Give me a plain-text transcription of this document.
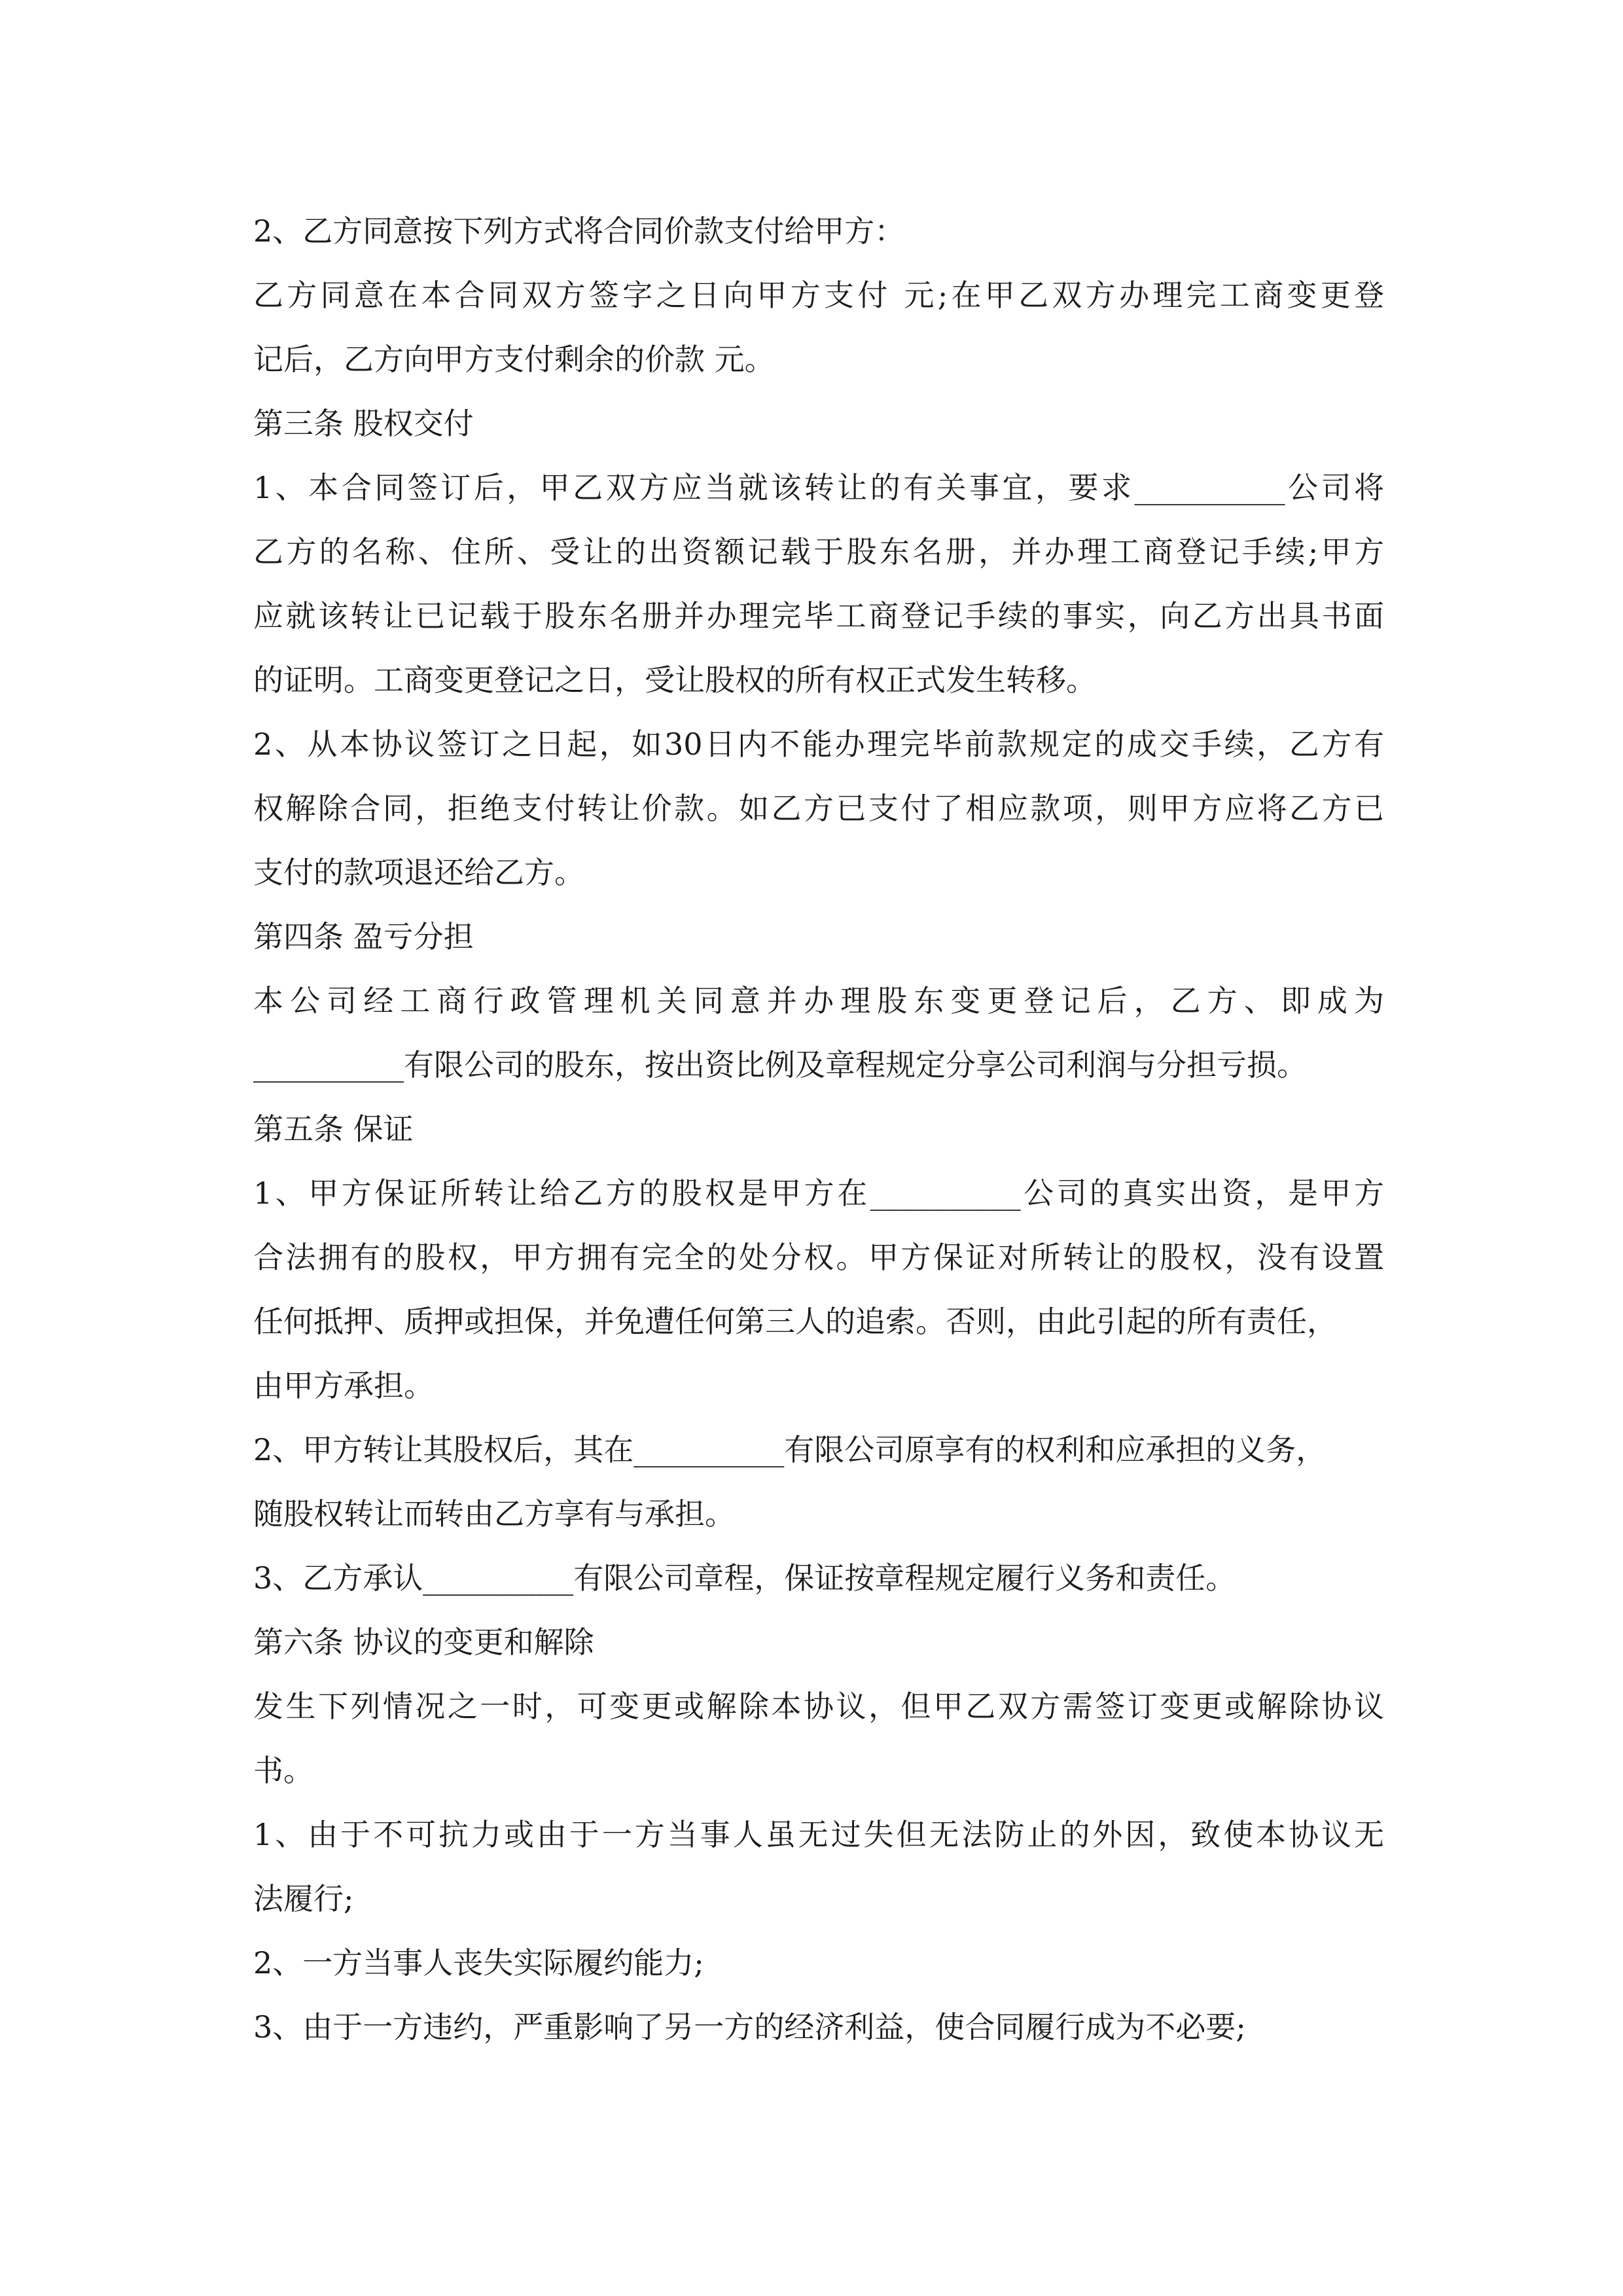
2、乙方同意按下列方式将合同价款支付给甲方：
乙方同意在本合同双方签字之日向甲方支付 元;在甲乙双方办理完工商变更登
记后，乙方向甲方支付剩余的价款 元。
第三条 股权交付
1、本合同签订后，甲乙双方应当就该转让的有关事宜，要求__________公司将
乙方的名称、住所、受让的出资额记载于股东名册，并办理工商登记手续;甲方
应就该转让已记载于股东名册并办理完毕工商登记手续的事实，向乙方出具书面
的证明。工商变更登记之日，受让股权的所有权正式发生转移。
2、从本协议签订之日起，如30日内不能办理完毕前款规定的成交手续，乙方有
权解除合同，拒绝支付转让价款。如乙方已支付了相应款项，则甲方应将乙方已
支付的款项退还给乙方。
第四条 盈亏分担
本公司经工商行政管理机关同意并办理股东变更登记后，乙方、即成为
__________有限公司的股东，按出资比例及章程规定分享公司利润与分担亏损。
第五条 保证
1、甲方保证所转让给乙方的股权是甲方在__________公司的真实出资，是甲方
合法拥有的股权，甲方拥有完全的处分权。甲方保证对所转让的股权，没有设置
任何抵押、质押或担保，并免遭任何第三人的追索。否则，由此引起的所有责任，
由甲方承担。
2、甲方转让其股权后，其在__________有限公司原享有的权利和应承担的义务，
随股权转让而转由乙方享有与承担。
3、乙方承认__________有限公司章程，保证按章程规定履行义务和责任。
第六条 协议的变更和解除
发生下列情况之一时，可变更或解除本协议，但甲乙双方需签订变更或解除协议
书。
1、由于不可抗力或由于一方当事人虽无过失但无法防止的外因，致使本协议无
法履行;
2、一方当事人丧失实际履约能力;
3、由于一方违约，严重影响了另一方的经济利益，使合同履行成为不必要;
